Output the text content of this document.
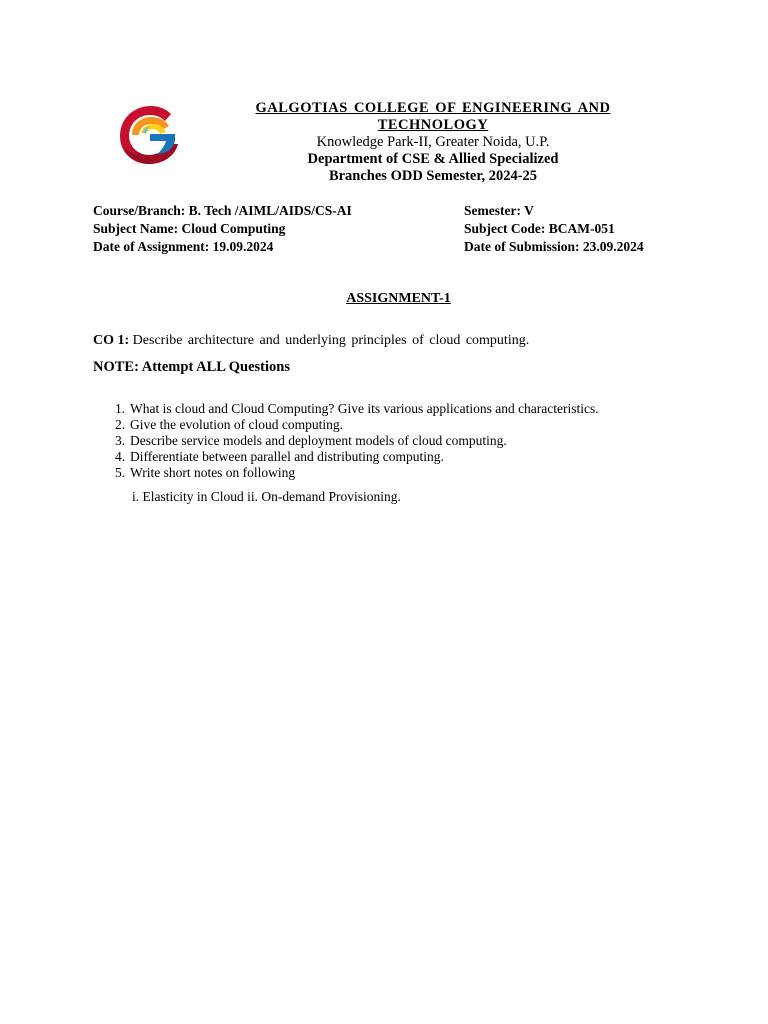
GALGOTIAS COLLEGE OF ENGINEERING AND TECHNOLOGY
Knowledge Park-II, Greater Noida, U.P.
Department of CSE & Allied Specialized
Branches ODD Semester, 2024-25
Course/Branch: B. Tech /AIML/AIDS/CS-AI
Subject Name: Cloud Computing
Date of Assignment: 19.09.2024
Semester: V
Subject Code: BCAM-051
Date of Submission: 23.09.2024
ASSIGNMENT-1
CO 1: Describe architecture and underlying principles of cloud computing.
NOTE: Attempt ALL Questions
1. What is cloud and Cloud Computing? Give its various applications and characteristics.
2. Give the evolution of cloud computing.
3. Describe service models and deployment models of cloud computing.
4. Differentiate between parallel and distributing computing.
5. Write short notes on following
i. Elasticity in Cloud ii. On-demand Provisioning.
